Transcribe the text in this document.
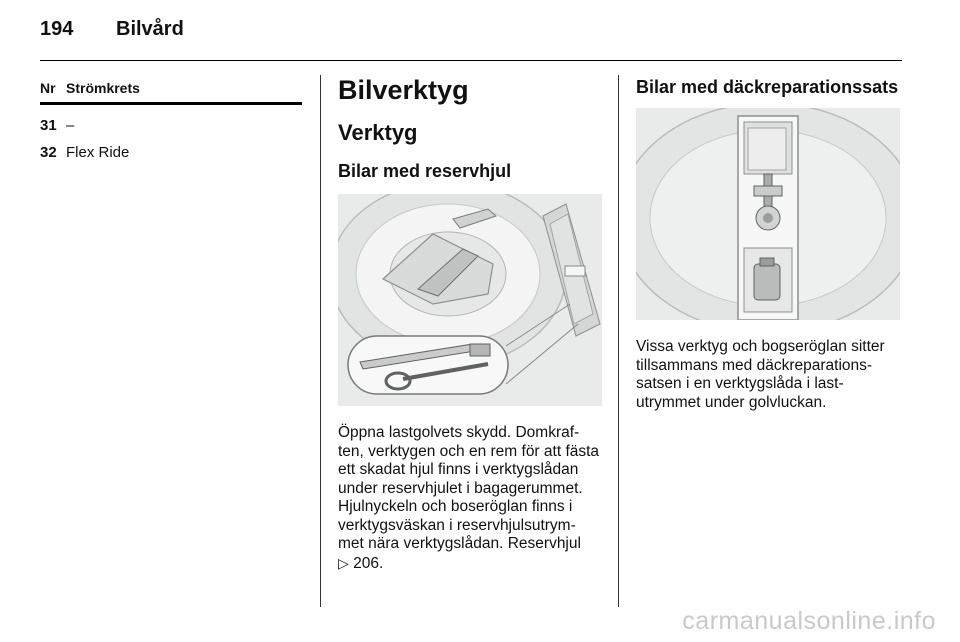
194 Bilvård
Nr Strömkrets
31 –
32 Flex Ride
Bilverktyg
Verktyg
Bilar med reservhjul
Öppna lastgolvets skydd. Domkraf-
ten, verktygen och en rem för att fästa
ett skadat hjul finns i verktygslådan
under reservhjulet i bagagerummet.
Hjulnyckeln och boseröglan finns i
verktygsväskan i reservhjulsutrym-
met nära verktygslådan. Reservhjul
▷ 206.
Bilar med däckreparationssats
Vissa verktyg och bogseröglan sitter
tillsammans med däckreparations-
satsen i en verktygslåda i last-
utrymmet under golvluckan.
carmanualsonline.info
